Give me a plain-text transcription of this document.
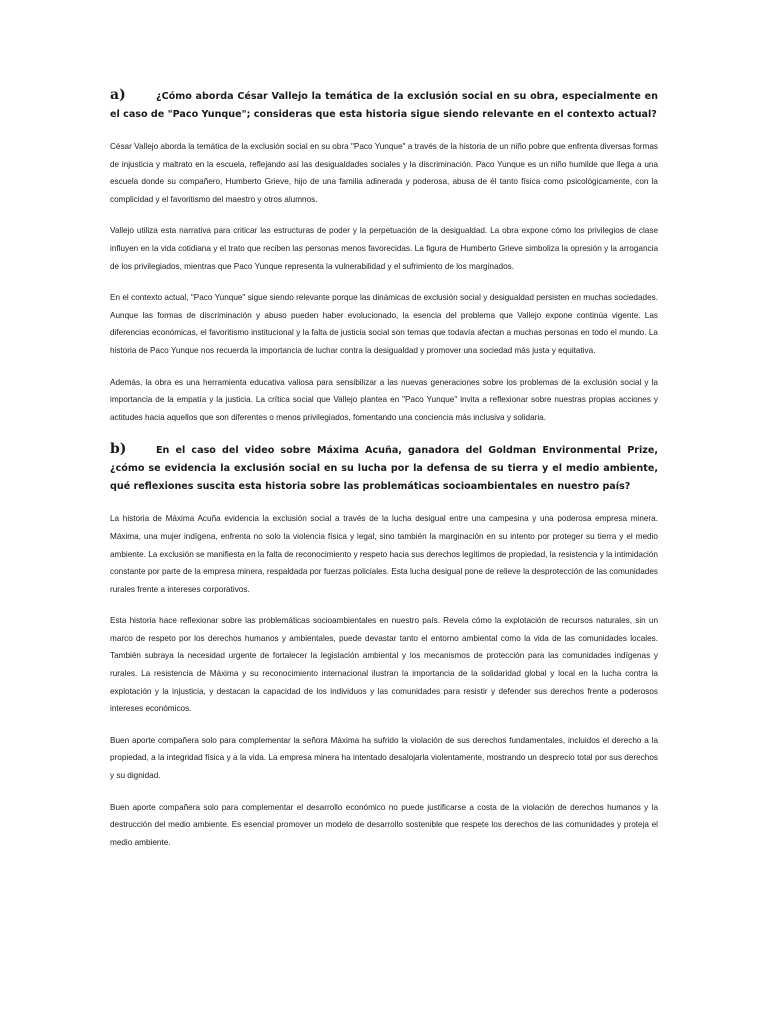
a)	¿Cómo aborda César Vallejo la temática de la exclusión social en su obra, especialmente en el caso de "Paco Yunque"; consideras que esta historia sigue siendo relevante en el contexto actual?

César Vallejo aborda la temática de la exclusión social en su obra "Paco Yunque" a través de la historia de un niño pobre que enfrenta diversas formas de injusticia y maltrato en la escuela, reflejando así las desigualdades sociales y la discriminación. Paco Yunque es un niño humilde que llega a una escuela donde su compañero, Humberto Grieve, hijo de una familia adinerada y poderosa, abusa de él tanto física como psicológicamente, con la complicidad y el favoritismo del maestro y otros alumnos.

Vallejo utiliza esta narrativa para criticar las estructuras de poder y la perpetuación de la desigualdad. La obra expone cómo los privilegios de clase influyen en la vida cotidiana y el trato que reciben las personas menos favorecidas. La figura de Humberto Grieve simboliza la opresión y la arrogancia de los privilegiados, mientras que Paco Yunque representa la vulnerabilidad y el sufrimiento de los marginados.

En el contexto actual, "Paco Yunque" sigue siendo relevante porque las dinámicas de exclusión social y desigualdad persisten en muchas sociedades. Aunque las formas de discriminación y abuso pueden haber evolucionado, la esencia del problema que Vallejo expone continúa vigente. Las diferencias económicas, el favoritismo institucional y la falta de justicia social son temas que todavía afectan a muchas personas en todo el mundo. La historia de Paco Yunque nos recuerda la importancia de luchar contra la desigualdad y promover una sociedad más justa y equitativa.

Además, la obra es una herramienta educativa valiosa para sensibilizar a las nuevas generaciones sobre los problemas de la exclusión social y la importancia de la empatía y la justicia. La crítica social que Vallejo plantea en "Paco Yunque" invita a reflexionar sobre nuestras propias acciones y actitudes hacia aquellos que son diferentes o menos privilegiados, fomentando una conciencia más inclusiva y solidaria.

b)	En el caso del video sobre Máxima Acuña, ganadora del Goldman Environmental Prize, ¿cómo se evidencia la exclusión social en su lucha por la defensa de su tierra y el medio ambiente, qué reflexiones suscita esta historia sobre las problemáticas socioambientales en nuestro país?

La historia de Máxima Acuña evidencia la exclusión social a través de la lucha desigual entre una campesina y una poderosa empresa minera. Máxima, una mujer indígena, enfrenta no solo la violencia física y legal, sino también la marginación en su intento por proteger su tierra y el medio ambiente. La exclusión se manifiesta en la falta de reconocimiento y respeto hacia sus derechos legítimos de propiedad, la resistencia y la intimidación constante por parte de la empresa minera, respaldada por fuerzas policiales. Esta lucha desigual pone de relieve la desprotección de las comunidades rurales frente a intereses corporativos.

Esta historia hace reflexionar sobre las problemáticas socioambientales en nuestro país. Revela cómo la explotación de recursos naturales, sin un marco de respeto por los derechos humanos y ambientales, puede devastar tanto el entorno ambiental como la vida de las comunidades locales. También subraya la necesidad urgente de fortalecer la legislación ambiental y los mecanismos de protección para las comunidades indígenas y rurales. La resistencia de Máxima y su reconocimiento internacional ilustran la importancia de la solidaridad global y local en la lucha contra la explotación y la injusticia, y destacan la capacidad de los individuos y las comunidades para resistir y defender sus derechos frente a poderosos intereses económicos.

Buen aporte compañera solo para complementar la señora Máxima ha sufrido la violación de sus derechos fundamentales, incluidos el derecho a la propiedad, a la integridad física y a la vida. La empresa minera ha intentado desalojarla violentamente, mostrando un desprecio total por sus derechos y su dignidad.

Buen aporte compañera solo para complementar el desarrollo económico no puede justificarse a costa de la violación de derechos humanos y la destrucción del medio ambiente. Es esencial promover un modelo de desarrollo sostenible que respete los derechos de las comunidades y proteja el medio ambiente.
